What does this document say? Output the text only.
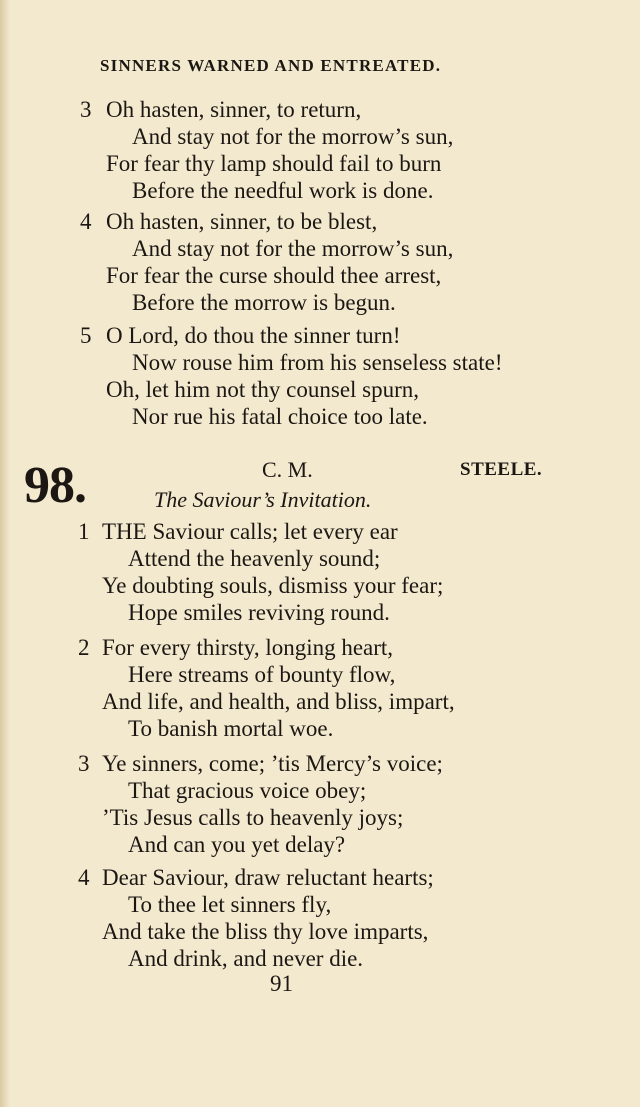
SINNERS WARNED AND ENTREATED.
3 Oh hasten, sinner, to return,
And stay not for the morrow’s sun,
For fear thy lamp should fail to burn
Before the needful work is done.
4 Oh hasten, sinner, to be blest,
And stay not for the morrow’s sun,
For fear the curse should thee arrest,
Before the morrow is begun.
5 O Lord, do thou the sinner turn!
Now rouse him from his senseless state!
Oh, let him not thy counsel spurn,
Nor rue his fatal choice too late.
98.	C. M.	STEELE.
The Saviour’s Invitation.
1 THE Saviour calls; let every ear
Attend the heavenly sound;
Ye doubting souls, dismiss your fear;
Hope smiles reviving round.
2 For every thirsty, longing heart,
Here streams of bounty flow,
And life, and health, and bliss, impart,
To banish mortal woe.
3 Ye sinners, come; ’tis Mercy’s voice;
That gracious voice obey;
’Tis Jesus calls to heavenly joys;
And can you yet delay?
4 Dear Saviour, draw reluctant hearts;
To thee let sinners fly,
And take the bliss thy love imparts,
And drink, and never die.
91
